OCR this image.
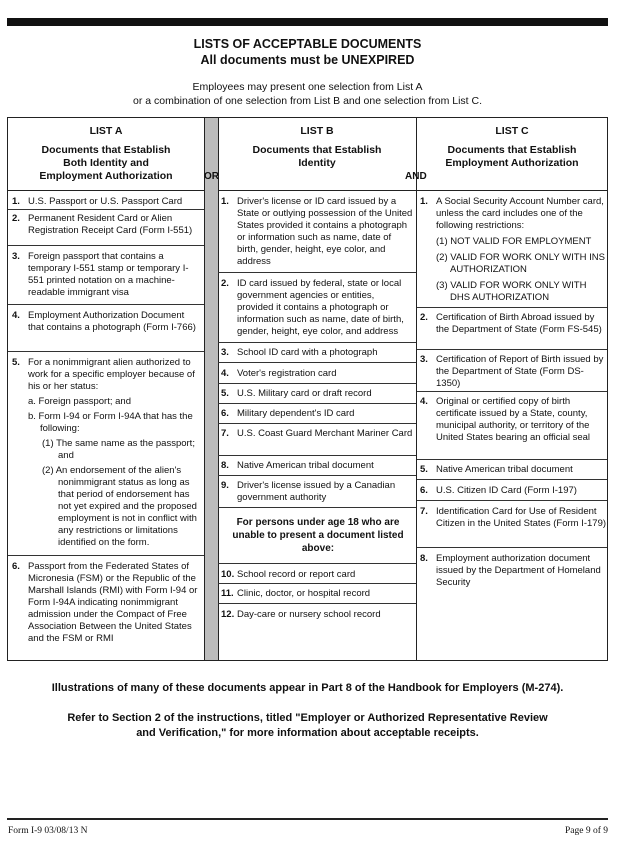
LISTS OF ACCEPTABLE DOCUMENTS
All documents must be UNEXPIRED
Employees may present one selection from List A
or a combination of one selection from List B and one selection from List C.
LIST A
Documents that Establish
Both Identity and
Employment Authorization
LIST B
Documents that Establish
Identity
LIST C
Documents that Establish
Employment Authorization
OR	AND
1. U.S. Passport or U.S. Passport Card
2. Permanent Resident Card or Alien Registration Receipt Card (Form I-551)
3. Foreign passport that contains a temporary I-551 stamp or temporary I-551 printed notation on a machine-readable immigrant visa
4. Employment Authorization Document that contains a photograph (Form I-766)
5. For a nonimmigrant alien authorized to work for a specific employer because of his or her status:
a. Foreign passport; and
b. Form I-94 or Form I-94A that has the following:
(1) The same name as the passport; and
(2) An endorsement of the alien's nonimmigrant status as long as that period of endorsement has not yet expired and the proposed employment is not in conflict with any restrictions or limitations identified on the form.
6. Passport from the Federated States of Micronesia (FSM) or the Republic of the Marshall Islands (RMI) with Form I-94 or Form I-94A indicating nonimmigrant admission under the Compact of Free Association Between the United States and the FSM or RMI
1. Driver's license or ID card issued by a State or outlying possession of the United States provided it contains a photograph or information such as name, date of birth, gender, height, eye color, and address
2. ID card issued by federal, state or local government agencies or entities, provided it contains a photograph or information such as name, date of birth, gender, height, eye color, and address
3. School ID card with a photograph
4. Voter's registration card
5. U.S. Military card or draft record
6. Military dependent's ID card
7. U.S. Coast Guard Merchant Mariner Card
8. Native American tribal document
9. Driver's license issued by a Canadian government authority
For persons under age 18 who are unable to present a document listed above:
10. School record or report card
11. Clinic, doctor, or hospital record
12. Day-care or nursery school record
1. A Social Security Account Number card, unless the card includes one of the following restrictions:
(1) NOT VALID FOR EMPLOYMENT
(2) VALID FOR WORK ONLY WITH INS AUTHORIZATION
(3) VALID FOR WORK ONLY WITH DHS AUTHORIZATION
2. Certification of Birth Abroad issued by the Department of State (Form FS-545)
3. Certification of Report of Birth issued by the Department of State (Form DS-1350)
4. Original or certified copy of birth certificate issued by a State, county, municipal authority, or territory of the United States bearing an official seal
5. Native American tribal document
6. U.S. Citizen ID Card (Form I-197)
7. Identification Card for Use of Resident Citizen in the United States (Form I-179)
8. Employment authorization document issued by the Department of Homeland Security
Illustrations of many of these documents appear in Part 8 of the Handbook for Employers (M-274).
Refer to Section 2 of the instructions, titled "Employer or Authorized Representative Review
and Verification," for more information about acceptable receipts.
Form I-9 03/08/13 N	Page 9 of 9
